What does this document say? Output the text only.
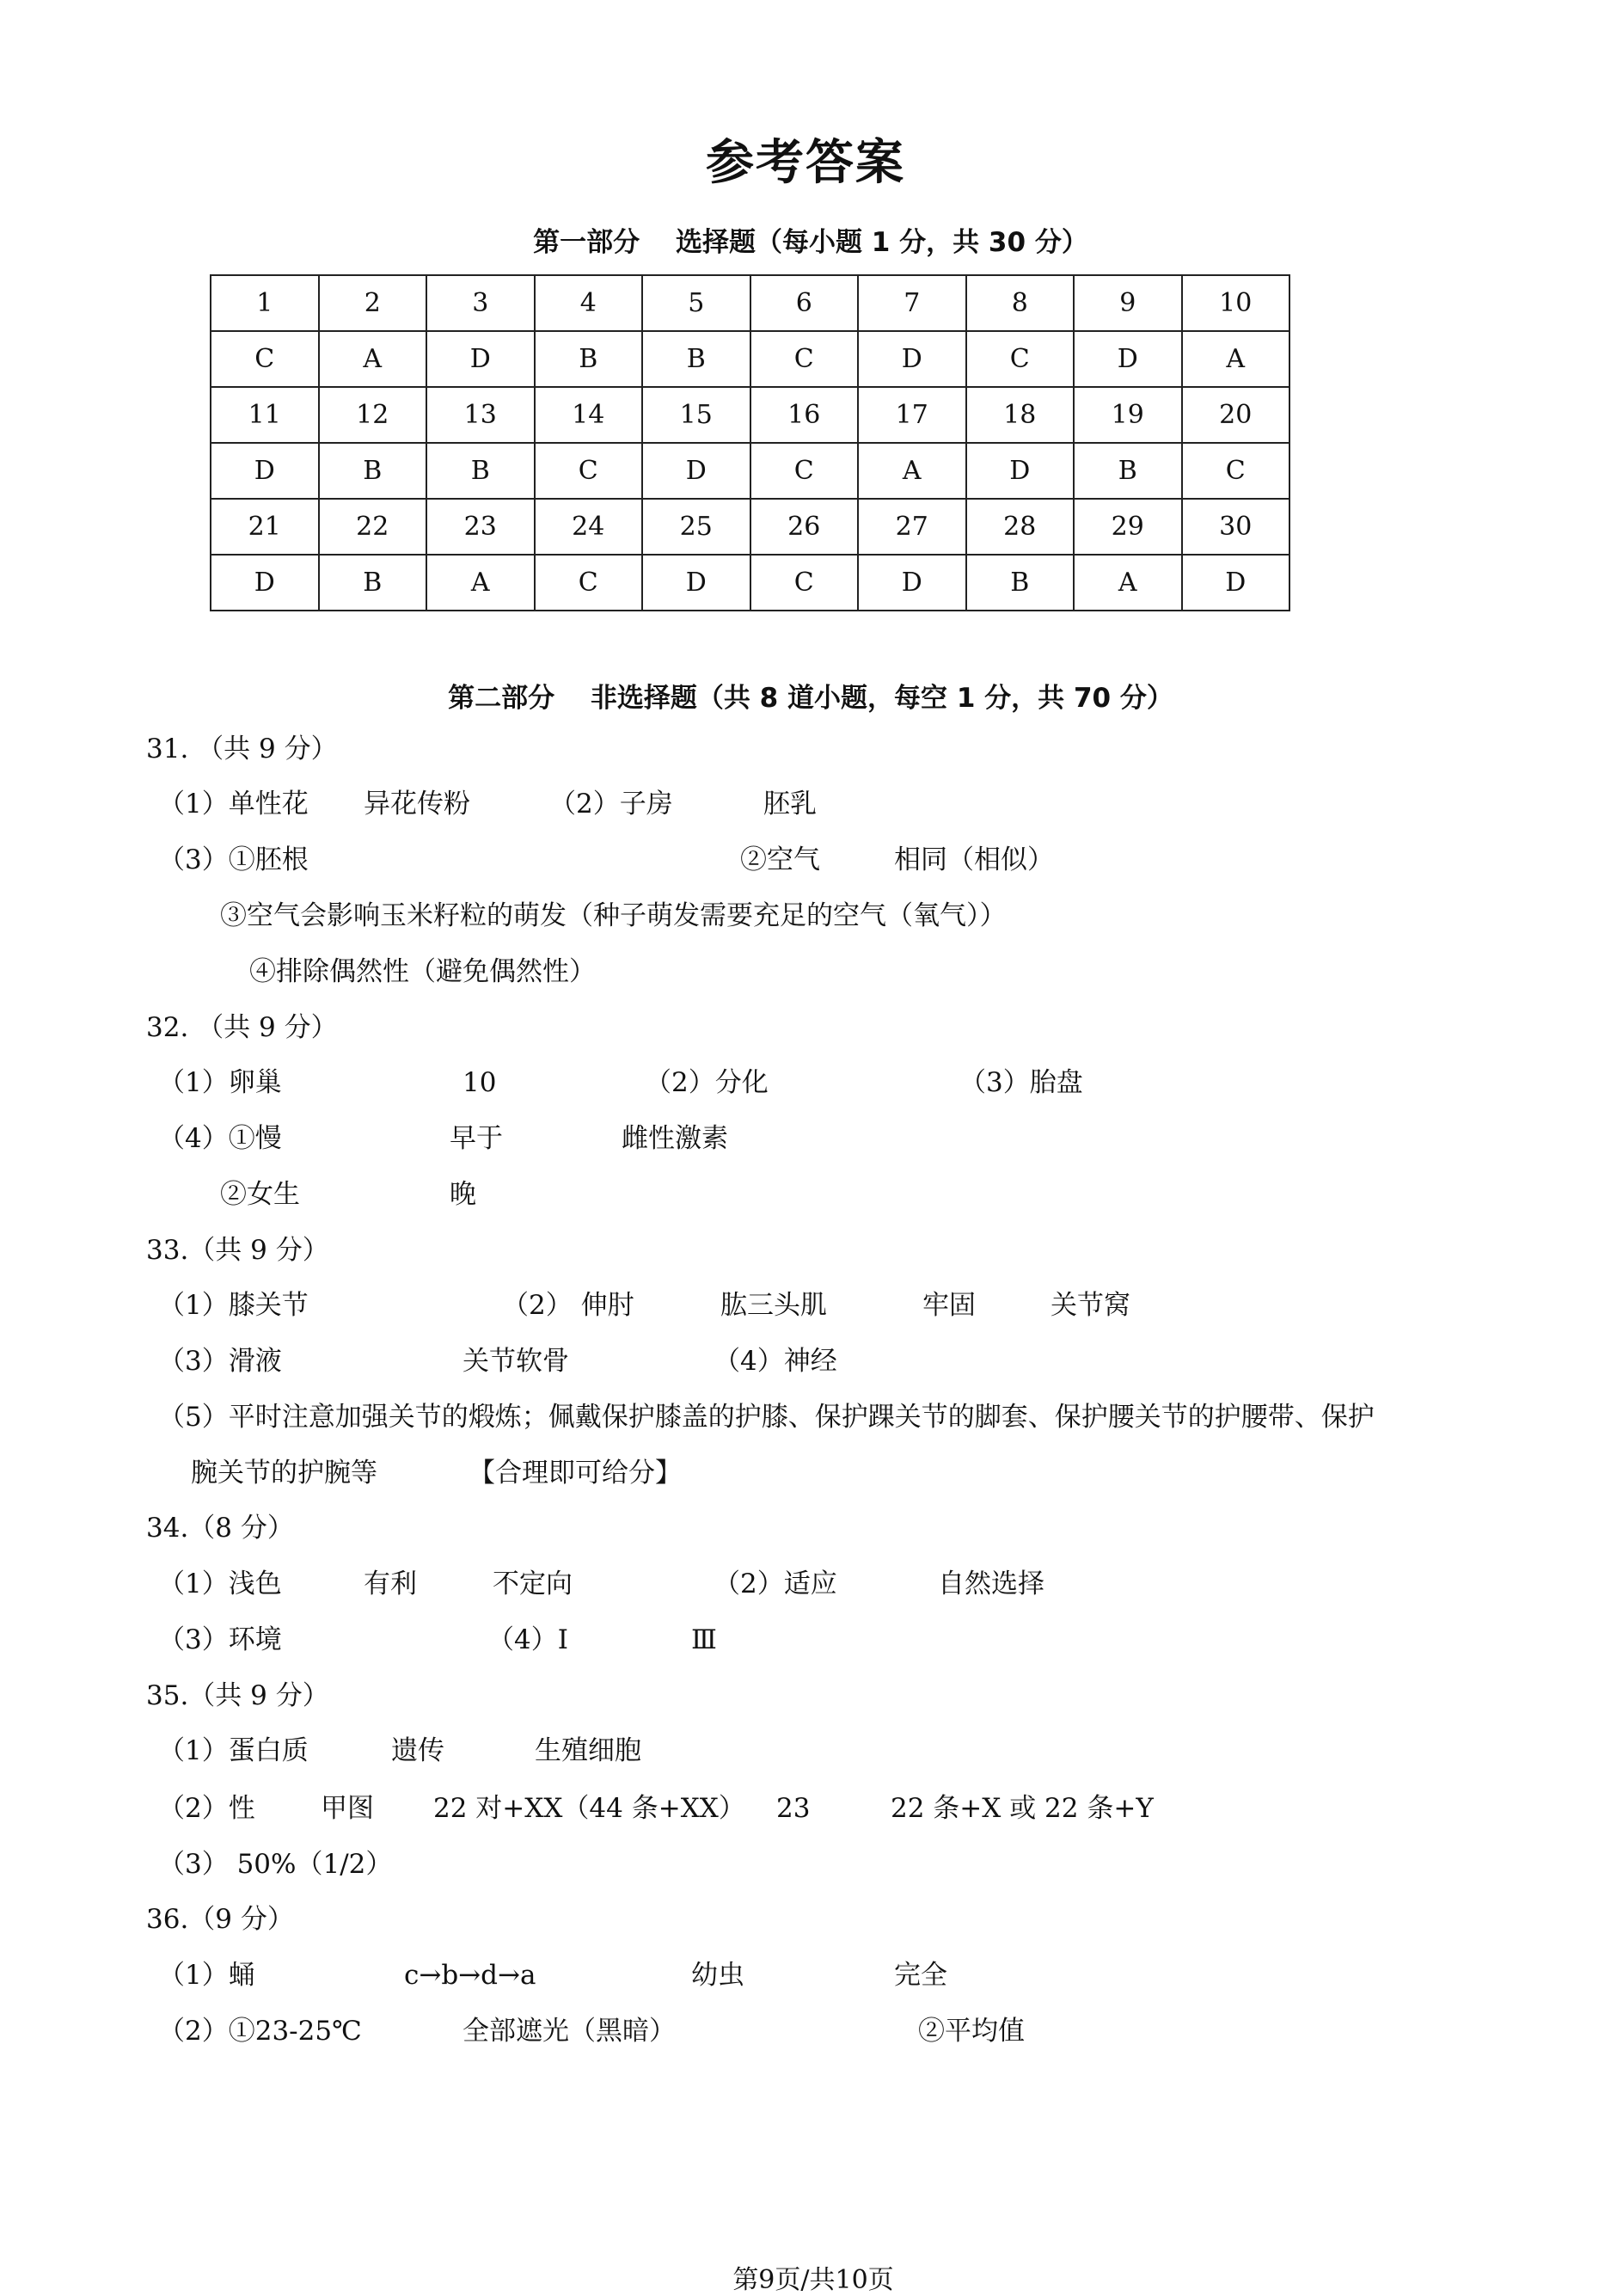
参考答案
第一部分　 选择题（每小题 1 分，共 30 分）
1	2	3	4	5	6	7	8	9	10
C	A	D	B	B	C	D	C	D	A
11	12	13	14	15	16	17	18	19	20
D	B	B	C	D	C	A	D	B	C
21	22	23	24	25	26	27	28	29	30
D	B	A	C	D	C	D	B	A	D
第二部分　 非选择题（共 8 道小题，每空 1 分，共 70 分）
31. （共 9 分）
（1）单性花 异花传粉	（2）子房	胚乳
（3）①胚根	②空气	相同（相似）
③空气会影响玉米籽粒的萌发（种子萌发需要充足的空气（氧气））
④排除偶然性（避免偶然性）
32. （共 9 分）
（1）卵巢	10	（2）分化	（3）胎盘
（4）①慢	早于	雌性激素
②女生	晚
33.（共 9 分）
（1）膝关节	（2） 伸肘	肱三头肌	牢固	关节窝
（3）滑液	关节软骨	（4）神经
（5）平时注意加强关节的煅炼；佩戴保护膝盖的护膝、保护踝关节的脚套、保护腰关节的护腰带、保护
腕关节的护腕等	【合理即可给分】
34.（8 分）
（1）浅色	有利	不定向	（2）适应	自然选择
（3）环境	（4）Ⅰ	Ⅲ
35.（共 9 分）
（1）蛋白质	遗传	生殖细胞
（2）性 甲图 22 对+XX（44 条+XX） 23	22 条+X 或 22 条+Y
（3） 50%（1/2）
36.（9 分）
（1）蛹	c→b→d→a	幼虫	完全
（2）①23-25℃	全部遮光（黑暗）	②平均值
第9页/共10页
